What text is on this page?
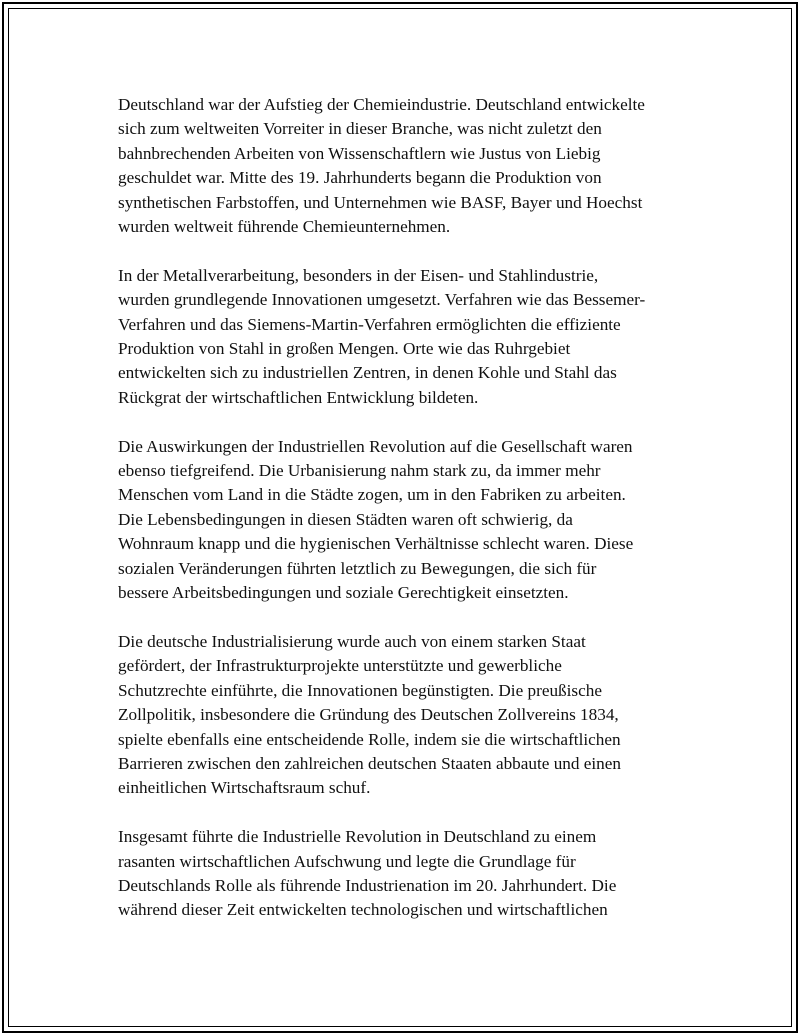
Deutschland war der Aufstieg der Chemieindustrie. Deutschland entwickelte
sich zum weltweiten Vorreiter in dieser Branche, was nicht zuletzt den
bahnbrechenden Arbeiten von Wissenschaftlern wie Justus von Liebig
geschuldet war. Mitte des 19. Jahrhunderts begann die Produktion von
synthetischen Farbstoffen, und Unternehmen wie BASF, Bayer und Hoechst
wurden weltweit führende Chemieunternehmen.

In der Metallverarbeitung, besonders in der Eisen- und Stahlindustrie,
wurden grundlegende Innovationen umgesetzt. Verfahren wie das Bessemer-
Verfahren und das Siemens-Martin-Verfahren ermöglichten die effiziente
Produktion von Stahl in großen Mengen. Orte wie das Ruhrgebiet
entwickelten sich zu industriellen Zentren, in denen Kohle und Stahl das
Rückgrat der wirtschaftlichen Entwicklung bildeten.

Die Auswirkungen der Industriellen Revolution auf die Gesellschaft waren
ebenso tiefgreifend. Die Urbanisierung nahm stark zu, da immer mehr
Menschen vom Land in die Städte zogen, um in den Fabriken zu arbeiten.
Die Lebensbedingungen in diesen Städten waren oft schwierig, da
Wohnraum knapp und die hygienischen Verhältnisse schlecht waren. Diese
sozialen Veränderungen führten letztlich zu Bewegungen, die sich für
bessere Arbeitsbedingungen und soziale Gerechtigkeit einsetzten.

Die deutsche Industrialisierung wurde auch von einem starken Staat
gefördert, der Infrastrukturprojekte unterstützte und gewerbliche
Schutzrechte einführte, die Innovationen begünstigten. Die preußische
Zollpolitik, insbesondere die Gründung des Deutschen Zollvereins 1834,
spielte ebenfalls eine entscheidende Rolle, indem sie die wirtschaftlichen
Barrieren zwischen den zahlreichen deutschen Staaten abbaute und einen
einheitlichen Wirtschaftsraum schuf.

Insgesamt führte die Industrielle Revolution in Deutschland zu einem
rasanten wirtschaftlichen Aufschwung und legte die Grundlage für
Deutschlands Rolle als führende Industrienation im 20. Jahrhundert. Die
während dieser Zeit entwickelten technologischen und wirtschaftlichen
